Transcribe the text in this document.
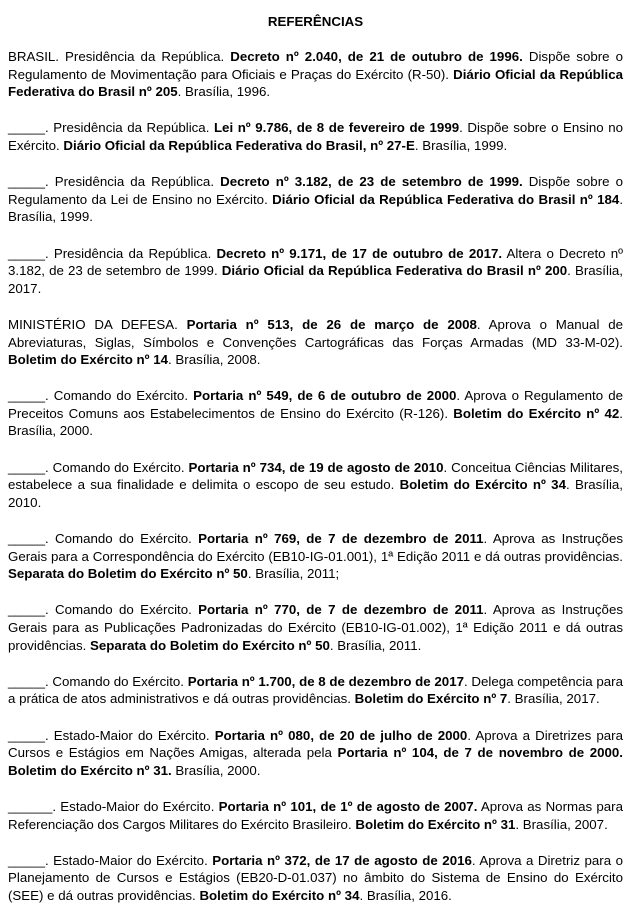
REFERÊNCIAS

BRASIL. Presidência da República. Decreto nº 2.040, de 21 de outubro de 1996. Dispõe sobre o Regulamento de Movimentação para Oficiais e Praças do Exército (R-50). Diário Oficial da República Federativa do Brasil nº 205. Brasília, 1996.

_____. Presidência da República. Lei nº 9.786, de 8 de fevereiro de 1999. Dispõe sobre o Ensino no Exército. Diário Oficial da República Federativa do Brasil, nº 27-E. Brasília, 1999.

_____. Presidência da República. Decreto nº 3.182, de 23 de setembro de 1999. Dispõe sobre o Regulamento da Lei de Ensino no Exército. Diário Oficial da República Federativa do Brasil nº 184. Brasília, 1999.

_____. Presidência da República. Decreto nº 9.171, de 17 de outubro de 2017. Altera o Decreto nº 3.182, de 23 de setembro de 1999. Diário Oficial da República Federativa do Brasil nº 200. Brasília, 2017.

MINISTÉRIO DA DEFESA. Portaria nº 513, de 26 de março de 2008. Aprova o Manual de Abreviaturas, Siglas, Símbolos e Convenções Cartográficas das Forças Armadas (MD 33-M-02). Boletim do Exército nº 14. Brasília, 2008.

_____. Comando do Exército. Portaria nº 549, de 6 de outubro de 2000. Aprova o Regulamento de Preceitos Comuns aos Estabelecimentos de Ensino do Exército (R-126). Boletim do Exército nº 42. Brasília, 2000.

_____. Comando do Exército. Portaria nº 734, de 19 de agosto de 2010. Conceitua Ciências Militares, estabelece a sua finalidade e delimita o escopo de seu estudo. Boletim do Exército nº 34. Brasília, 2010.

_____. Comando do Exército. Portaria nº 769, de 7 de dezembro de 2011. Aprova as Instruções Gerais para a Correspondência do Exército (EB10-IG-01.001), 1ª Edição 2011 e dá outras providências. Separata do Boletim do Exército nº 50. Brasília, 2011;

_____. Comando do Exército. Portaria nº 770, de 7 de dezembro de 2011. Aprova as Instruções Gerais para as Publicações Padronizadas do Exército (EB10-IG-01.002), 1ª Edição 2011 e dá outras providências. Separata do Boletim do Exército nº 50. Brasília, 2011.

_____. Comando do Exército. Portaria nº 1.700, de 8 de dezembro de 2017. Delega competência para a prática de atos administrativos e dá outras providências. Boletim do Exército nº 7. Brasília, 2017.

_____. Estado-Maior do Exército. Portaria nº 080, de 20 de julho de 2000. Aprova a Diretrizes para Cursos e Estágios em Nações Amigas, alterada pela Portaria nº 104, de 7 de novembro de 2000. Boletim do Exército nº 31. Brasília, 2000.

______. Estado-Maior do Exército. Portaria nº 101, de 1º de agosto de 2007. Aprova as Normas para Referenciação dos Cargos Militares do Exército Brasileiro. Boletim do Exército nº 31. Brasília, 2007.

_____. Estado-Maior do Exército. Portaria nº 372, de 17 de agosto de 2016. Aprova a Diretriz para o Planejamento de Cursos e Estágios (EB20-D-01.037) no âmbito do Sistema de Ensino do Exército (SEE) e dá outras providências. Boletim do Exército nº 34. Brasília, 2016.
